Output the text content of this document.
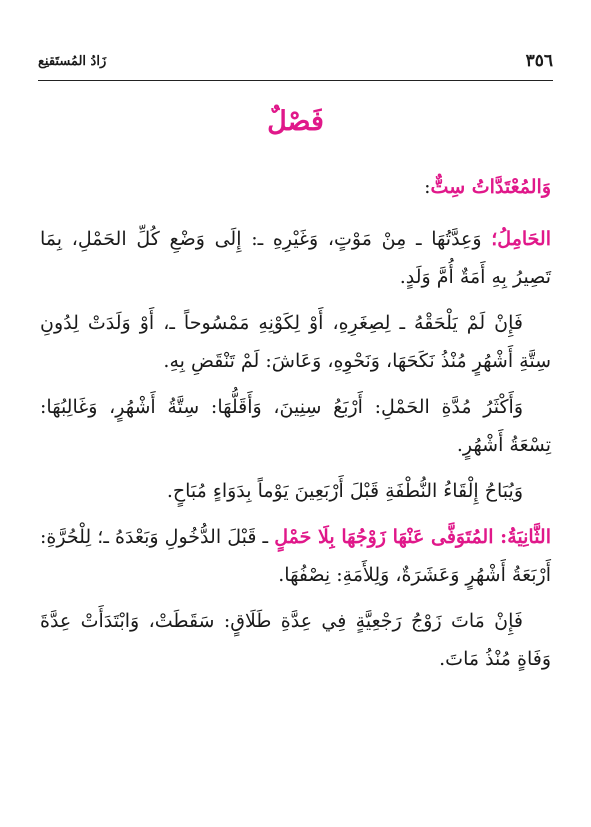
٣٥٦
زَادُ المُستَقنِع
فَصْلٌ

وَالمُعْتَدَّاتُ سِتٌّ:

الحَامِلُ؛ وَعِدَّتُهَا ـ مِنْ مَوْتٍ، وَغَيْرِهِ ـ: إِلَى وَضْعِ كُلِّ الحَمْلِ، بِمَا تَصِيرُ بِهِ أَمَةٌ أُمَّ وَلَدٍ.

فَإِنْ لَمْ يَلْحَقْهُ ـ لِصِغَرِهِ، أَوْ لِكَوْنِهِ مَمْسُوحاً ـ، أَوْ وَلَدَتْ لِدُونِ سِتَّةِ أَشْهُرٍ مُنْذُ نَكَحَهَا، وَنَحْوِهِ، وَعَاشَ: لَمْ تَنْقَضِ بِهِ.

وَأَكْثَرُ مُدَّةِ الحَمْلِ: أَرْبَعُ سِنِينَ، وَأَقَلُّهَا: سِتَّةُ أَشْهُرٍ، وَغَالِبُهَا: تِسْعَةُ أَشْهُرٍ.

وَيُبَاحُ إِلْقَاءُ النُّطْفَةِ قَبْلَ أَرْبَعِينَ يَوْماً بِدَوَاءٍ مُبَاحٍ.

الثَّانِيَةُ: المُتَوَفَّى عَنْهَا زَوْجُهَا بِلَا حَمْلٍ ـ قَبْلَ الدُّخُولِ وَبَعْدَهُ ـ؛ لِلْحُرَّةِ: أَرْبَعَةُ أَشْهُرٍ وَعَشَرَةٌ، وَلِلأَمَةِ: نِصْفُهَا.

فَإِنْ مَاتَ زَوْجُ رَجْعِيَّةٍ فِي عِدَّةِ طَلَاقٍ: سَقَطَتْ، وَابْتَدَأَتْ عِدَّةَ وَفَاةٍ مُنْذُ مَاتَ.
